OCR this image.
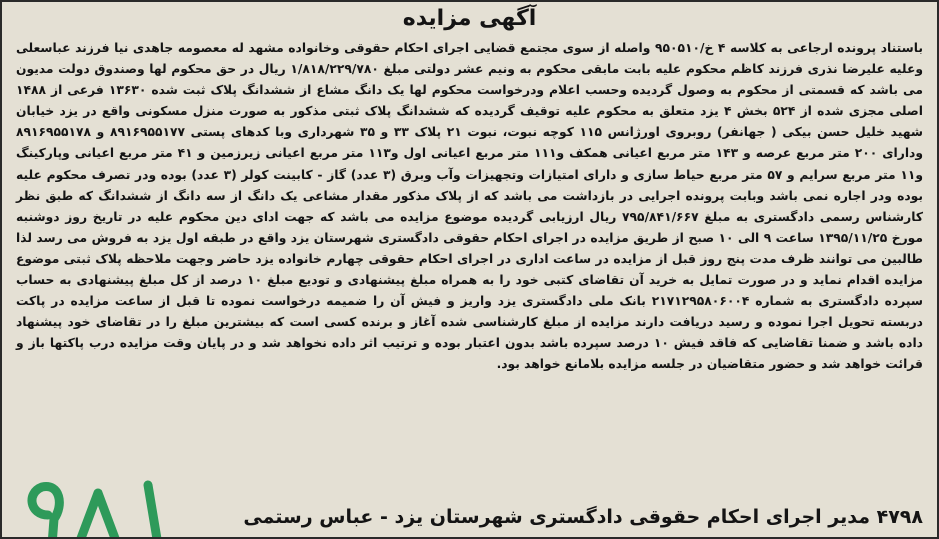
آگهی مزایده
باستناد پرونده ارجاعی به کلاسه ۴ خ/۹۵۰۵۱۰ واصله از سوی مجتمع قضایی اجرای احکام حقوقی وخانواده مشهد له معصومه جاهدی نیا فرزند عباسعلی وعلیه علیرضا نذری فرزند کاظم محکوم علیه بابت مابقی محکوم به ونیم عشر دولتی مبلغ ۱/۸۱۸/۲۲۹/۷۸۰ ریال در حق محکوم لها وصندوق دولت مدیون می باشد که قسمتی از محکوم به وصول گردیده وحسب اعلام ودرخواست محکوم لها یک دانگ مشاع از ششدانگ پلاک ثبت شده ۱۳۶۳۰ فرعی از ۱۴۸۸ اصلی مجزی شده از ۵۲۴ بخش ۴ یزد متعلق به محکوم علیه توقیف گردیده که ششدانگ پلاک ثبتی مذکور به صورت منزل مسکونی واقع در یزد خیابان شهید خلیل حسن بیکی ( جهانفر) روبروی اورژانس ۱۱۵ کوچه نبوت، نبوت ۲۱ پلاک ۳۳ و ۳۵ شهرداری وبا کدهای پستی ۸۹۱۶۹۵۵۱۷۷ و ۸۹۱۶۹۵۵۱۷۸ ودارای ۲۰۰ متر مربع عرصه و ۱۴۳ متر مربع اعیانی همکف و۱۱۱ متر مربع اعیانی اول و۱۱۳ متر مربع اعیانی زیرزمین و ۴۱ متر مربع اعیانی وپارکینگ و۱۱ متر مربع سرایم و ۵۷ متر مربع حیاط سازی و دارای امتیازات وتجهیزات وآب وبرق (۳ عدد) گاز - کابینت کولر (۳ عدد) بوده ودر تصرف محکوم علیه بوده ودر اجاره نمی باشد وبابت پرونده اجرایی در بازداشت می باشد که از پلاک مذکور مقدار مشاعی یک دانگ از سه دانگ از ششدانگ که طبق نظر کارشناس رسمی دادگستری به مبلغ ۷۹۵/۸۴۱/۶۶۷ ریال ارزیابی گردیده موضوع مزایده می باشد که جهت ادای دین محکوم علیه در تاریخ روز دوشنبه مورخ ۱۳۹۵/۱۱/۲۵ ساعت ۹ الی ۱۰ صبح از طریق مزایده در اجرای احکام حقوقی دادگستری شهرستان یزد واقع در طبقه اول یزد به فروش می رسد لذا طالبین می توانند ظرف مدت پنج روز قبل از مزایده در ساعت اداری در اجرای احکام حقوقی چهارم خانواده یزد حاضر وجهت ملاحظه پلاک ثبتی موضوع مزایده اقدام نماید و در صورت تمایل به خرید آن تقاضای کتبی خود را به همراه مبلغ پیشنهادی و تودیع مبلغ ۱۰ درصد از کل مبلغ پیشنهادی به حساب سپرده دادگستری به شماره ۲۱۷۱۲۹۵۸۰۶۰۰۴ بانک ملی دادگستری یزد واریز و فیش آن را ضمیمه درخواست نموده تا قبل از ساعت مزایده در پاکت دربسته تحویل اجرا نموده و رسید دریافت دارند مزایده از مبلغ کارشناسی شده آغاز و برنده کسی است که بیشترین مبلغ را در تقاضای خود پیشنهاد داده باشد و ضمنا تقاضایی که فاقد فیش ۱۰ درصد سپرده باشد بدون اعتبار بوده و ترتیب اثر داده نخواهد شد و در پایان وقت مزایده درب پاکتها باز و قرائت خواهد شد و حضور متقاضیان در جلسه مزایده بلامانع خواهد بود.
۴۷۹۸ مدیر اجرای احکام حقوقی دادگستری شهرستان یزد - عباس رستمی
